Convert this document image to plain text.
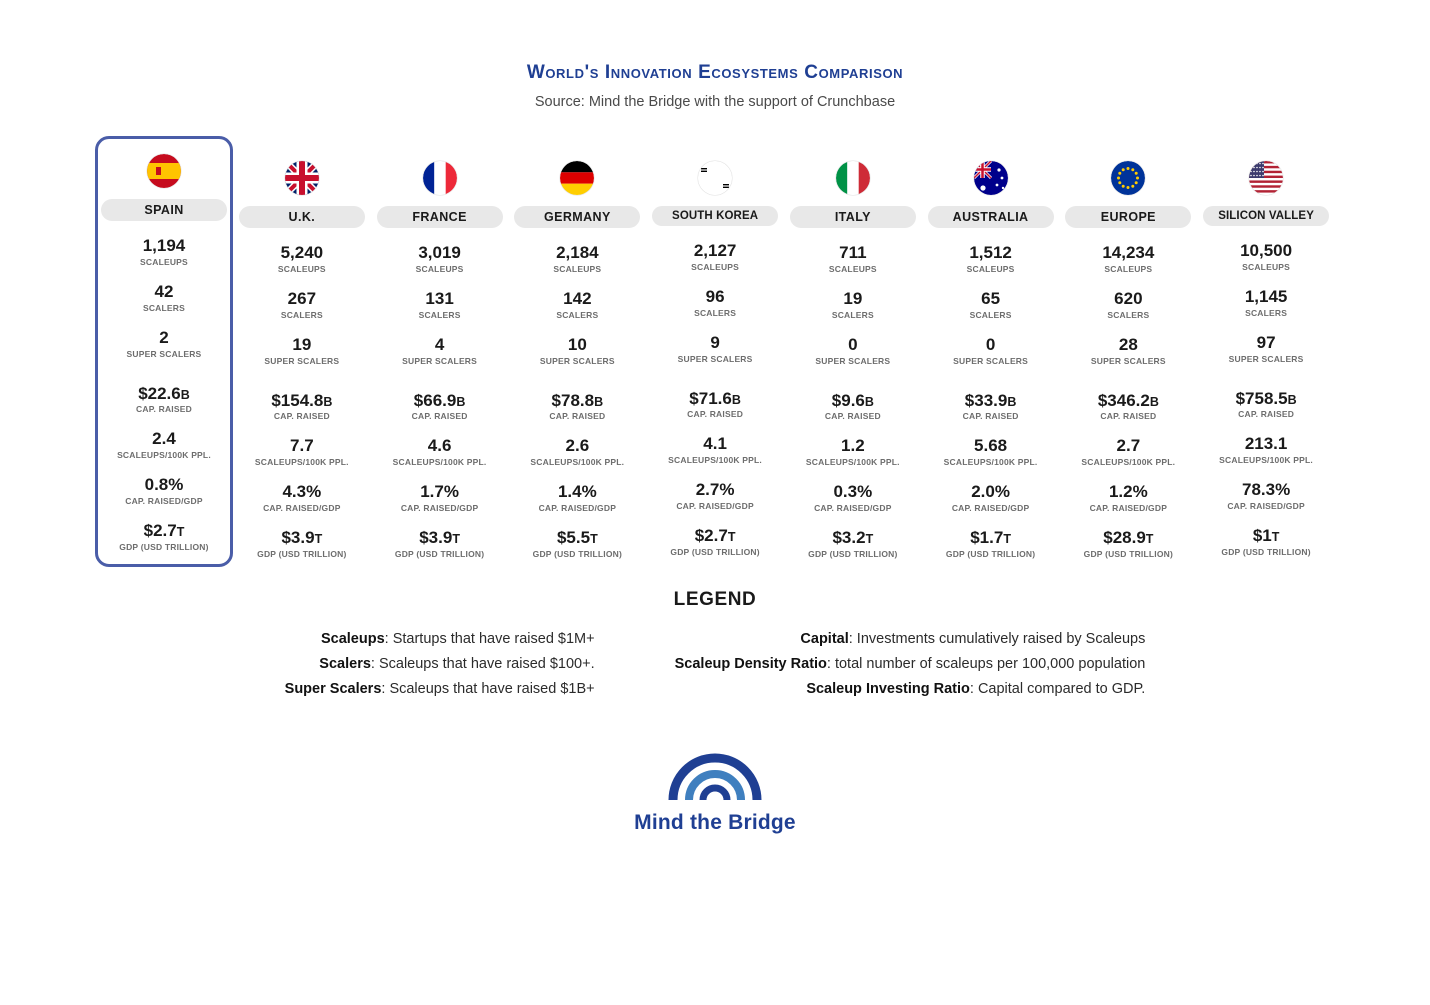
World's Innovation Ecosystems Comparison
Source: Mind the Bridge with the support of Crunchbase
SPAIN
1,194
SCALEUPS
42
SCALERS
2
SUPER SCALERS
$22.6B
CAP. RAISED
2.4
SCALEUPS/100K PPL.
0.8%
CAP. RAISED/GDP
$2.7T
GDP (USD TRILLION)
U.K.
5,240
SCALEUPS
267
SCALERS
19
SUPER SCALERS
$154.8B
CAP. RAISED
7.7
SCALEUPS/100K PPL.
4.3%
CAP. RAISED/GDP
$3.9T
GDP (USD TRILLION)
FRANCE
3,019
SCALEUPS
131
SCALERS
4
SUPER SCALERS
$66.9B
CAP. RAISED
4.6
SCALEUPS/100K PPL.
1.7%
CAP. RAISED/GDP
$3.9T
GDP (USD TRILLION)
GERMANY
2,184
SCALEUPS
142
SCALERS
10
SUPER SCALERS
$78.8B
CAP. RAISED
2.6
SCALEUPS/100K PPL.
1.4%
CAP. RAISED/GDP
$5.5T
GDP (USD TRILLION)
SOUTH KOREA
2,127
SCALEUPS
96
SCALERS
9
SUPER SCALERS
$71.6B
CAP. RAISED
4.1
SCALEUPS/100K PPL.
2.7%
CAP. RAISED/GDP
$2.7T
GDP (USD TRILLION)
ITALY
711
SCALEUPS
19
SCALERS
0
SUPER SCALERS
$9.6B
CAP. RAISED
1.2
SCALEUPS/100K PPL.
0.3%
CAP. RAISED/GDP
$3.2T
GDP (USD TRILLION)
AUSTRALIA
1,512
SCALEUPS
65
SCALERS
0
SUPER SCALERS
$33.9B
CAP. RAISED
5.68
SCALEUPS/100K PPL.
2.0%
CAP. RAISED/GDP
$1.7T
GDP (USD TRILLION)
EUROPE
14,234
SCALEUPS
620
SCALERS
28
SUPER SCALERS
$346.2B
CAP. RAISED
2.7
SCALEUPS/100K PPL.
1.2%
CAP. RAISED/GDP
$28.9T
GDP (USD TRILLION)
SILICON VALLEY
10,500
SCALEUPS
1,145
SCALERS
97
SUPER SCALERS
$758.5B
CAP. RAISED
213.1
SCALEUPS/100K PPL.
78.3%
CAP. RAISED/GDP
$1T
GDP (USD TRILLION)
LEGEND
Scaleups: Startups that have raised $1M+
Scalers: Scaleups that have raised $100+.
Super Scalers: Scaleups that have raised $1B+
Capital: Investments cumulatively raised by Scaleups
Scaleup Density Ratio: total number of scaleups per 100,000 population
Scaleup Investing Ratio: Capital compared to GDP.
Mind the Bridge
